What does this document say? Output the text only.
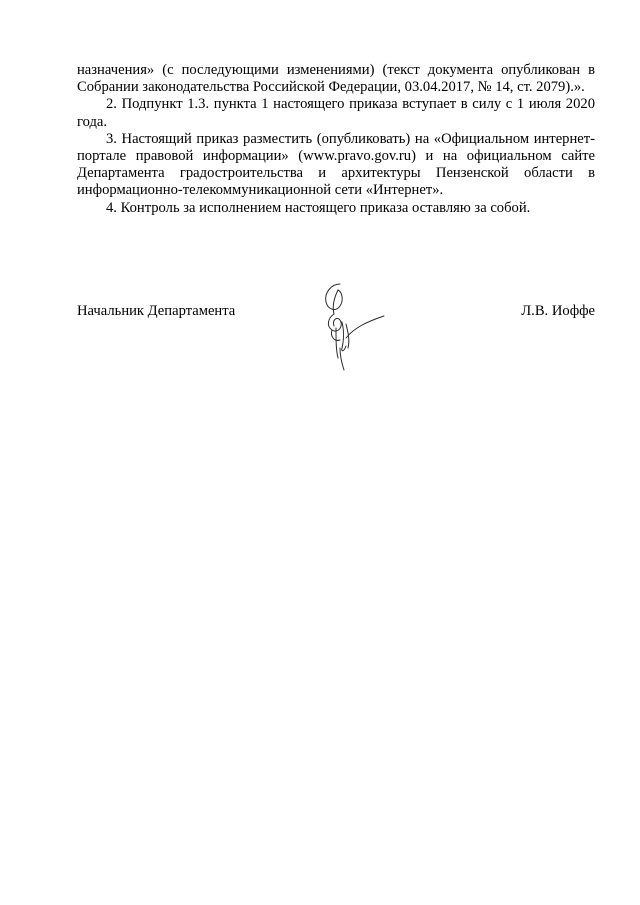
назначения» (с последующими изменениями) (текст документа опубликован в Собрании законодательства Российской Федерации, 03.04.2017, № 14, ст. 2079).».

2. Подпункт 1.3. пункта 1 настоящего приказа вступает в силу с 1 июля 2020 года.

3. Настоящий приказ разместить (опубликовать) на «Официальном интернет-портале правовой информации» (www.pravo.gov.ru) и на официальном сайте Департамента градостроительства и архитектуры Пензенской области в информационно-телекоммуникационной сети «Интернет».

4. Контроль за исполнением настоящего приказа оставляю за собой.

Начальник Департамента	Л.В. Иоффе
